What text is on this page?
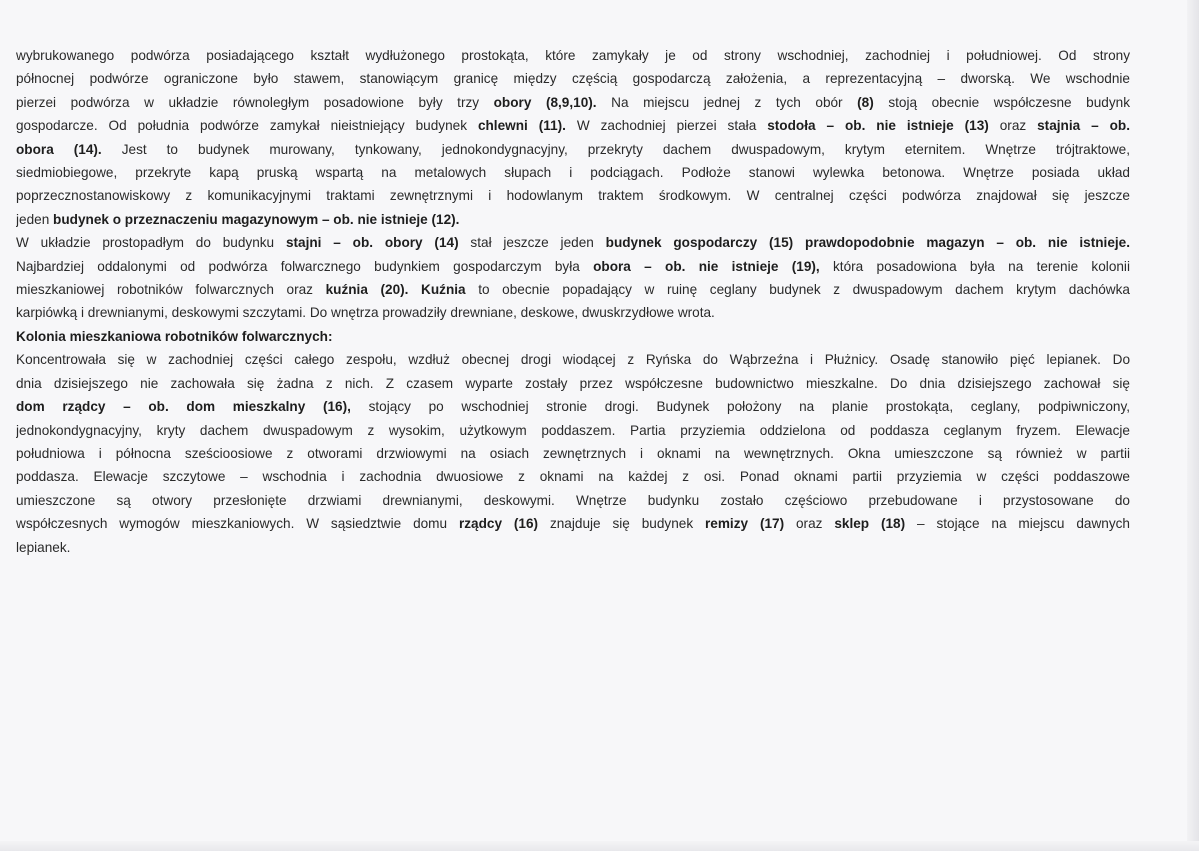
wybrukowanego podwórza posiadającego kształt wydłużonego prostokąta, które zamykały je od strony wschodniej, zachodniej i południowej. Od strony
północnej podwórze ograniczone było stawem, stanowiącym granicę między częścią gospodarczą założenia, a reprezentacyjną – dworską. We wschodnie
pierzei podwórza w układzie równoległym posadowione były trzy obory (8,9,10). Na miejscu jednej z tych obór (8) stoją obecnie współczesne budynk
gospodarcze. Od południa podwórze zamykał nieistniejący budynek chlewni (11). W zachodniej pierzei stała stodoła – ob. nie istnieje (13) oraz stajnia – ob.
obora (14). Jest to budynek murowany, tynkowany, jednokondygnacyjny, przekryty dachem dwuspadowym, krytym eternitem. Wnętrze trójtraktowe,
siedmiobiegowe, przekryte kapą pruską wspartą na metalowych słupach i podciągach. Podłoże stanowi wylewka betonowa. Wnętrze posiada układ
poprzecznostanowiskowy z komunikacyjnymi traktami zewnętrznymi i hodowlanym traktem środkowym. W centralnej części podwórza znajdował się jeszcze
jeden budynek o przeznaczeniu magazynowym – ob. nie istnieje (12).
W układzie prostopadłym do budynku stajni – ob. obory (14) stał jeszcze jeden budynek gospodarczy (15) prawdopodobnie magazyn – ob. nie istnieje.
Najbardziej oddalonymi od podwórza folwarcznego budynkiem gospodarczym była obora – ob. nie istnieje (19), która posadowiona była na terenie kolonii
mieszkaniowej robotników folwarcznych oraz kuźnia (20). Kuźnia to obecnie popadający w ruinę ceglany budynek z dwuspadowym dachem krytym dachówka
karpiówką i drewnianymi, deskowymi szczytami. Do wnętrza prowadziły drewniane, deskowe, dwuskrzydłowe wrota.
Kolonia mieszkaniowa robotników folwarcznych:
Koncentrowała się w zachodniej części całego zespołu, wzdłuż obecnej drogi wiodącej z Ryńska do Wąbrzeźna i Płużnicy. Osadę stanowiło pięć lepianek. Do
dnia dzisiejszego nie zachowała się żadna z nich. Z czasem wyparte zostały przez współczesne budownictwo mieszkalne. Do dnia dzisiejszego zachował się
dom rządcy – ob. dom mieszkalny (16), stojący po wschodniej stronie drogi. Budynek położony na planie prostokąta, ceglany, podpiwniczony,
jednokondygnacyjny, kryty dachem dwuspadowym z wysokim, użytkowym poddaszem. Partia przyziemia oddzielona od poddasza ceglanym fryzem. Elewacje
południowa i północna sześcioosiowe z otworami drzwiowymi na osiach zewnętrznych i oknami na wewnętrznych. Okna umieszczone są również w partii
poddasza. Elewacje szczytowe – wschodnia i zachodnia dwuosiowe z oknami na każdej z osi. Ponad oknami partii przyziemia w części poddaszowe
umieszczone są otwory przesłonięte drzwiami drewnianymi, deskowymi. Wnętrze budynku zostało częściowo przebudowane i przystosowane do
współczesnych wymogów mieszkaniowych. W sąsiedztwie domu rządcy (16) znajduje się budynek remizy (17) oraz sklep (18) – stojące na miejscu dawnych
lepianek.
